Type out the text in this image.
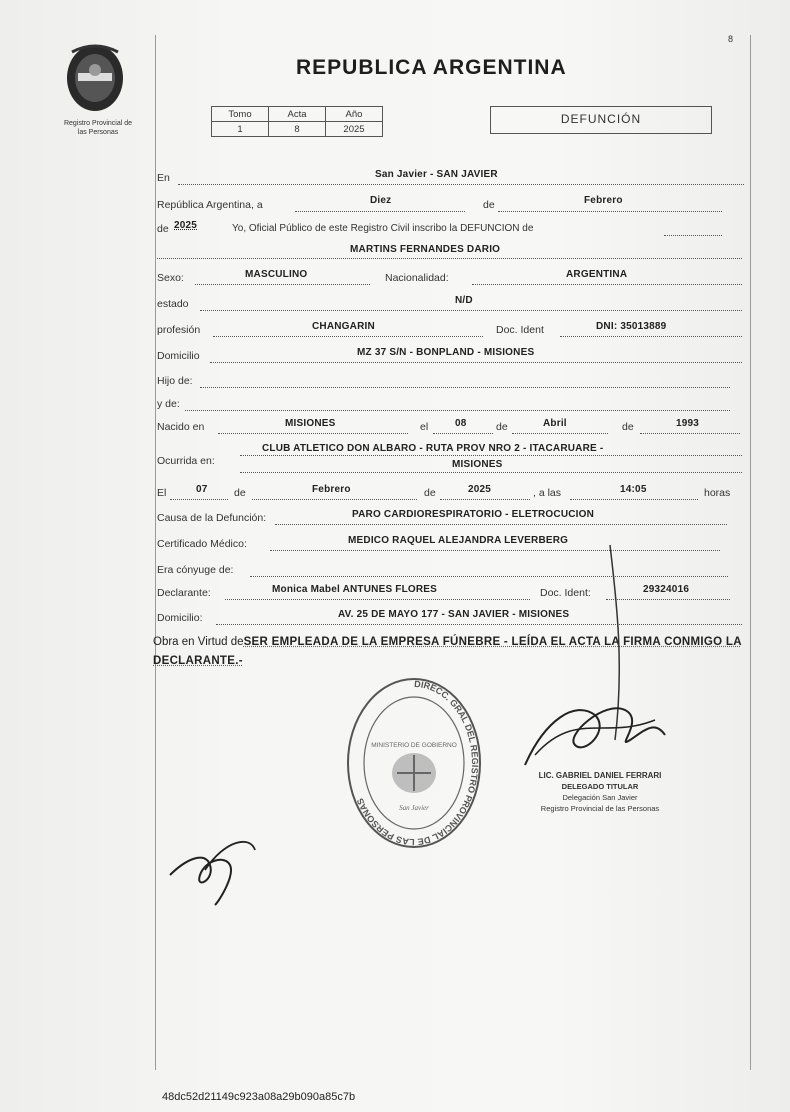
Registro Provincial de
las Personas
8
REPUBLICA ARGENTINA
Tomo	Acta	Año
1	8	2025
DEFUNCIÓN
En	San Javier - SAN JAVIER
República Argentina, a	Diez	de	Febrero
de 2025	Yo, Oficial Público de este Registro Civil inscribo la DEFUNCION de
MARTINS FERNANDES DARIO
Sexo:	MASCULINO	Nacionalidad:	ARGENTINA
estado	N/D
profesión	CHANGARIN	Doc. Ident	DNI: 35013889
Domicilio	MZ 37 S/N - BONPLAND - MISIONES
Hijo de:
y de:
Nacido en	MISIONES	el	08	de	Abril	de	1993
Ocurrida en:
CLUB ATLETICO DON ALBARO - RUTA PROV NRO 2 - ITACARUARE -
MISIONES
El	07	de	Febrero	de	2025	, a las	14:05	horas
Causa de la Defunción:	PARO CARDIORESPIRATORIO - ELETROCUCION
Certificado Médico:	MEDICO RAQUEL ALEJANDRA LEVERBERG
Era cónyuge de:
Declarante:	Monica Mabel ANTUNES FLORES	Doc. Ident:	29324016
Domicilio:	AV. 25 DE MAYO 177 - SAN JAVIER - MISIONES
Obra en Virtud deSER EMPLEADA DE LA EMPRESA FÚNEBRE - LEÍDA EL ACTA LA FIRMA CONMIGO LA DECLARANTE.-
DIRECC. GRAL DEL REGISTRO PROVINCIAL DE LAS PERSONAS
MINISTERIO DE GOBIERNO
San Javier
LIC. GABRIEL DANIEL FERRARI
DELEGADO TITULAR
Delegación San Javier
Registro Provincial de las Personas
48dc52d21149c923a08a29b090a85c7b
